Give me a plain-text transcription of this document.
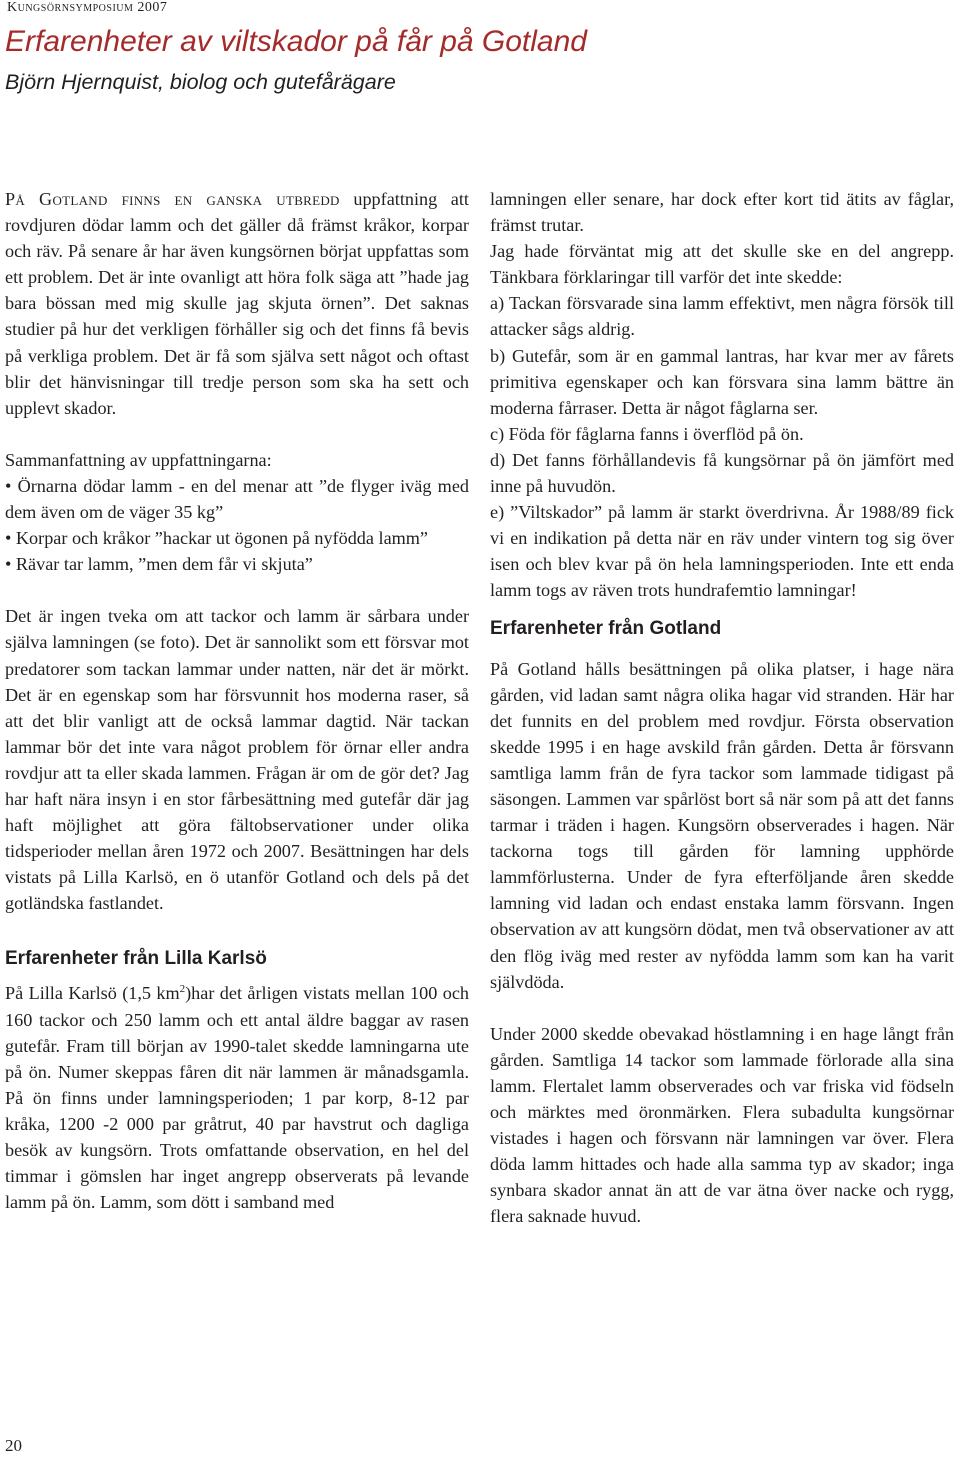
Kungsörnsymposium 2007
Erfarenheter av viltskador på får på Gotland
Björn Hjernquist, biolog och gutefårägare

På Gotland finns en ganska utbredd uppfattning att rovdjuren dödar lamm och det gäller då främst kråkor, korpar och räv. På senare år har även kungsörnen börjat uppfattas som ett problem. Det är inte ovanligt att höra folk säga att ”hade jag bara bössan med mig skulle jag skjuta örnen”. Det saknas studier på hur det verkligen förhåller sig och det finns få bevis på verkliga problem. Det är få som själva sett något och oftast blir det hänvisningar till tredje person som ska ha sett och upplevt skador.

Sammanfattning av uppfattningarna:

• Örnarna dödar lamm - en del menar att ”de flyger iväg med dem även om de väger 35 kg”

• Korpar och kråkor ”hackar ut ögonen på nyfödda lamm”

• Rävar tar lamm, ”men dem får vi skjuta”

Det är ingen tveka om att tackor och lamm är sårbara under själva lamningen (se foto). Det är sannolikt som ett försvar mot predatorer som tackan lammar under natten, när det är mörkt. Det är en egenskap som har försvunnit hos moderna raser, så att det blir vanligt att de också lammar dagtid. När tackan lammar bör det inte vara något problem för örnar eller andra rovdjur att ta eller skada lammen. Frågan är om de gör det? Jag har haft nära insyn i en stor fårbesättning med gutefår där jag haft möjlighet att göra fältobservationer under olika tidsperioder mellan åren 1972 och 2007. Besättningen har dels vistats på Lilla Karlsö, en ö utanför Gotland och dels på det gotländska fastlandet.

Erfarenheter från Lilla Karlsö

På Lilla Karlsö (1,5 $km^2)har$ det årligen vistats mellan 100 och 160 tackor och 250 lamm och ett antal äldre baggar av rasen gutefår. Fram till början av 1990-talet skedde lamningarna ute på ön. Numer skeppas fåren dit när lammen är månadsgamla. På ön finns under lamningsperioden; 1 par korp, 8-12 par kråka, 1200 -2 000 par gråtrut, 40 par havstrut och dagliga besök av kungsörn. Trots omfattande observation, en hel del timmar i gömslen har inget angrepp observerats på levande lamm på ön. Lamm, som dött i samband med

lamningen eller senare, har dock efter kort tid ätits av fåglar, främst trutar.

Jag hade förväntat mig att det skulle ske en del angrepp. Tänkbara förklaringar till varför det inte skedde:

a) Tackan försvarade sina lamm effektivt, men några försök till attacker sågs aldrig.

b) Gutefår, som är en gammal lantras, har kvar mer av fårets primitiva egenskaper och kan försvara sina lamm bättre än moderna fårraser. Detta är något fåglarna ser.

c) Föda för fåglarna fanns i överflöd på ön.

d) Det fanns förhållandevis få kungsörnar på ön jämfört med inne på huvudön.

e) ”Viltskador” på lamm är starkt överdrivna. År 1988/89 fick vi en indikation på detta när en räv under vintern tog sig över isen och blev kvar på ön hela lamningsperioden. Inte ett enda lamm togs av räven trots hundrafemtio lamningar!

Erfarenheter från Gotland

På Gotland hålls besättningen på olika platser, i hage nära gården, vid ladan samt några olika hagar vid stranden. Här har det funnits en del problem med rovdjur. Första observation skedde 1995 i en hage avskild från gården. Detta år försvann samtliga lamm från de fyra tackor som lammade tidigast på säsongen. Lammen var spårlöst bort så när som på att det fanns tarmar i träden i hagen. Kungsörn observerades i hagen. När tackorna togs till gården för lamning upphörde lammförlusterna. Under de fyra efterföljande åren skedde lamning vid ladan och endast enstaka lamm försvann. Ingen observation av att kungsörn dödat, men två observationer av att den flög iväg med rester av nyfödda lamm som kan ha varit självdöda.

Under 2000 skedde obevakad höstlamning i en hage långt från gården. Samtliga 14 tackor som lammade förlorade alla sina lamm. Flertalet lamm observerades och var friska vid födseln och märktes med öronmärken. Flera subadulta kungsörnar vistades i hagen och försvann när lamningen var över. Flera döda lamm hittades och hade alla samma typ av skador; inga synbara skador annat än att de var ätna över nacke och rygg, flera saknade huvud.

20
